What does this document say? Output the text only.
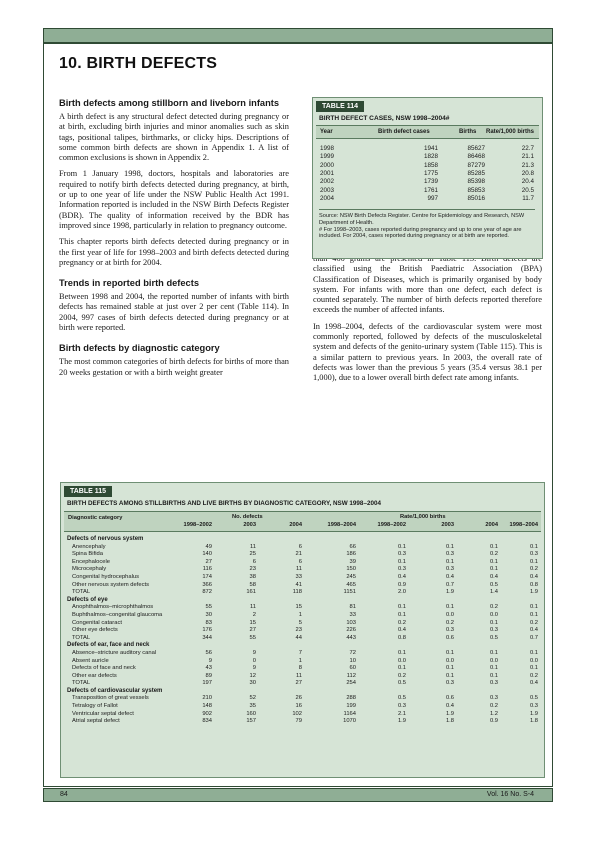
10. BIRTH DEFECTS
Birth defects among stillborn and liveborn infants

A birth defect is any structural defect detected during pregnancy or at birth, excluding birth injuries and minor anomalies such as skin tags, positional talipes, birthmarks, or clicky hips. Descriptions of some common birth defects are shown in Appendix 1. A list of common exclusions is shown in Appendix 2.

From 1 January 1998, doctors, hospitals and laboratories are required to notify birth defects detected during pregnancy, at birth, or up to one year of life under the NSW Public Health Act 1991. Information reported is included in the NSW Birth Defects Register (BDR). The quality of information received by the BDR has improved since 1998, particularly in relation to pregnancy outcome.

This chapter reports birth defects detected during pregnancy or in the first year of life for 1998–2003 and birth defects detected during pregnancy or at birth for 2004.

Trends in reported birth defects

Between 1998 and 2004, the reported number of infants with birth defects has remained stable at just over 2 per cent (Table 114). In 2004, 997 cases of birth defects detected during pregnancy or at birth were reported.

Birth defects by diagnostic category

The most common categories of birth defects for births of more than 20 weeks gestation or with a birth weight greater

classified using the British Paediatric Association (BPA) Classification of Diseases, which is primarily organised by body system. For infants with more than one defect, each defect is counted separately. The number of birth defects reported therefore exceeds the number of affected infants.

In 1998–2004, defects of the cardiovascular system were most commonly reported, followed by defects of the musculoskeletal system and defects of the genito-urinary system (Table 115). This is a similar pattern to previous years. In 2003, the overall rate of defects was lower than the previous 5 years (35.4 versus 38.1 per 1,000), due to a lower overall birth defect rate among infants.

TABLE 114
BIRTH DEFECT CASES, NSW 1998–2004#
Year	Birth defect cases	Births Rate/1,000 births
1998	1941	85627	22.7
1999	1828	86468	21.1
2000	1858	87279	21.3
2001	1775	85285	20.8
2002	1739	85398	20.4
2003	1761	85853	20.5
2004	997	85016	11.7
Source: NSW Birth Defects Register. Centre for Epidemiology and Research, NSW Department of Health.
# For 1998–2003, cases reported during pregnancy and up to one year of age are included. For 2004, cases reported during pregnancy or at birth are reported.
TABLE 115
BIRTH DEFECTS AMONG STILLBIRTHS AND LIVE BIRTHS BY DIAGNOSTIC CATEGORY, NSW 1998–2004
Diagnostic category	No. defects	Rate/1,000 births
1998–2002	2003	2004	1998–2004	1998–2002	2003	2004	1998–2004
Defects of nervous system
Anencephaly	49	11	6	66	0.1	0.1	0.1	0.1
Spina Bifida	140	25	21	186	0.3	0.3	0.2	0.3
Encephalocele	27	6	6	39	0.1	0.1	0.1	0.1
Microcephaly	116	23	11	150	0.3	0.3	0.1	0.2
Congenital hydrocephalus	174	38	33	245	0.4	0.4	0.4	0.4
Other nervous system defects	366	58	41	465	0.9	0.7	0.5	0.8
TOTAL	872	161	118	1151	2.0	1.9	1.4	1.9
Defects of eye
Anophthalmos–microphthalmos	55	11	15	81	0.1	0.1	0.2	0.1
Buphthalmos–congenital glaucoma	30	2	1	33	0.1	0.0	0.0	0.1
Congenital cataract	83	15	5	103	0.2	0.2	0.1	0.2
Other eye defects	176	27	23	226	0.4	0.3	0.3	0.4
TOTAL	344	55	44	443	0.8	0.6	0.5	0.7
Defects of ear, face and neck
Absence–stricture auditory canal	56	9	7	72	0.1	0.1	0.1	0.1
Absent auricle	9	0	1	10	0.0	0.0	0.0	0.0
Defects of face and neck	43	9	8	60	0.1	0.1	0.1	0.1
Other ear defects	89	12	11	112	0.2	0.1	0.1	0.2
TOTAL	197	30	27	254	0.5	0.3	0.3	0.4
Defects of cardiovascular system
Transposition of great vessels	210	52	26	288	0.5	0.6	0.3	0.5
Tetralogy of Fallot	148	35	16	199	0.3	0.4	0.2	0.3
Ventricular septal defect	902	160	102	1164	2.1	1.9	1.2	1.9
Atrial septal defect	834	157	79	1070	1.9	1.8	0.9	1.8
84	Vol. 16 No. S-4
